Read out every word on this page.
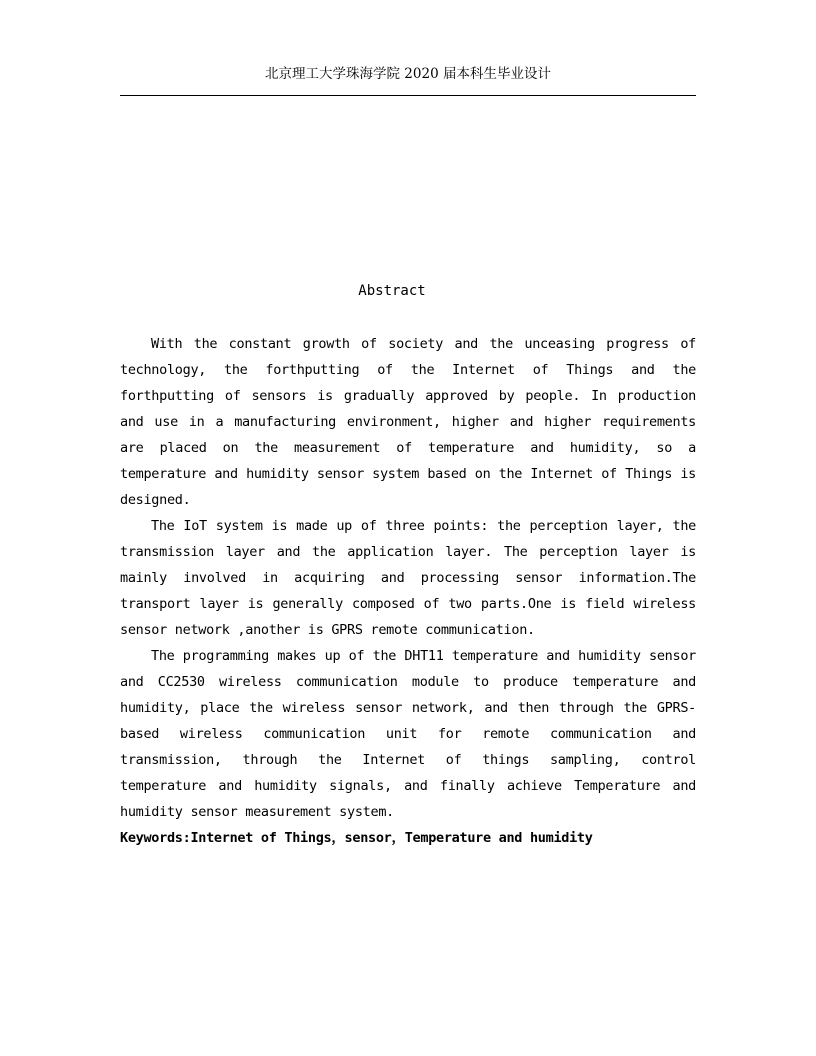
北京理工大学珠海学院 2020 届本科生毕业设计
Abstract

With the constant growth of society and the unceasing progress of technology, the forthputting of the Internet of Things and the forthputting of sensors is gradually approved by people. In production and use in a manufacturing environment, higher and higher requirements are placed on the measurement of temperature and humidity, so a temperature and humidity sensor system based on the Internet of Things is designed.

The IoT system is made up of three points: the perception layer, the transmission layer and the application layer. The perception layer is mainly involved in acquiring and processing sensor information.The transport layer is generally composed of two parts.One is field wireless sensor network ,another is GPRS remote communication.

The programming makes up of the DHT11 temperature and humidity sensor and CC2530 wireless communication module to produce temperature and humidity, place the wireless sensor network, and then through the GPRS-based wireless communication unit for remote communication and transmission, through the Internet of things sampling, control temperature and humidity signals, and finally achieve Temperature and humidity sensor measurement system.

Keywords:Internet of Things，sensor，Temperature and humidity
